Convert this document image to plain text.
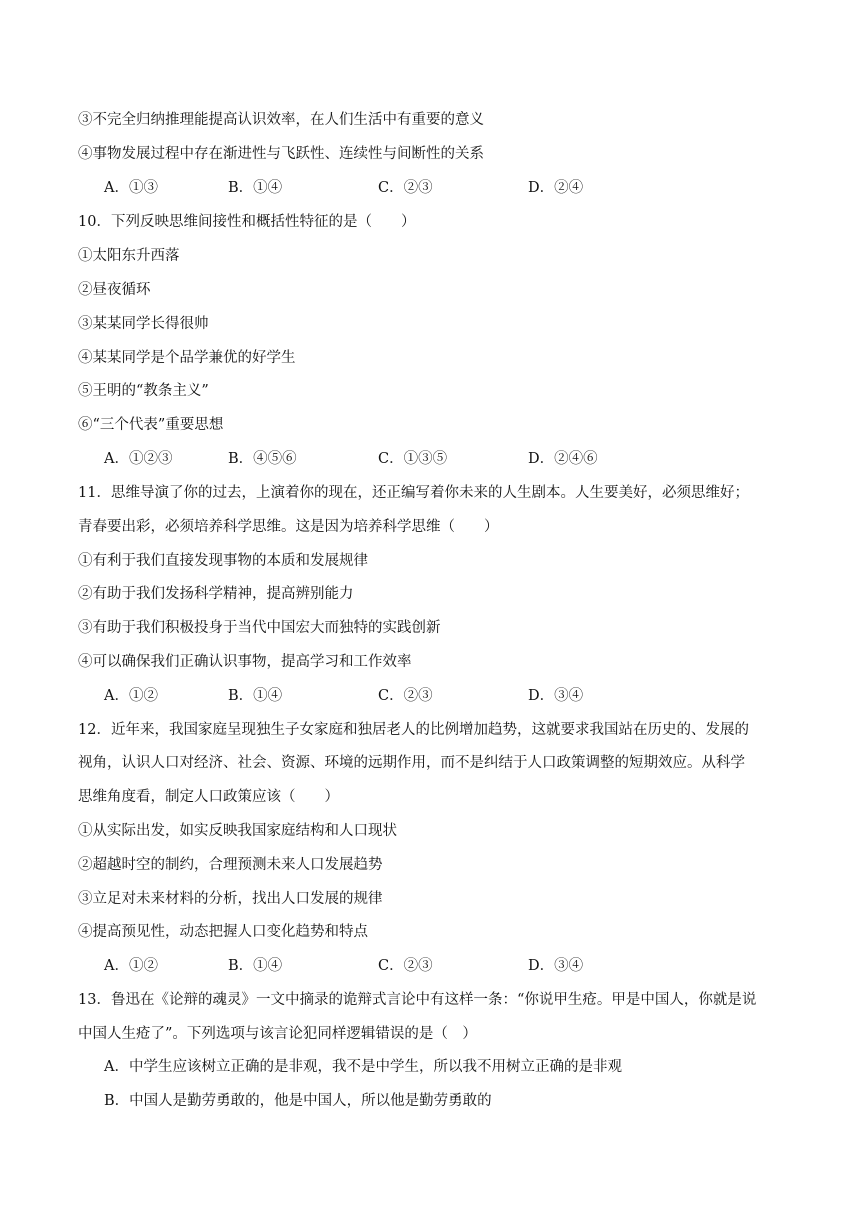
③不完全归纳推理能提高认识效率，在人们生活中有重要的意义
④事物发展过程中存在渐进性与飞跃性、连续性与间断性的关系
A．①③	B．①④	C．②③	D．②④
10．下列反映思维间接性和概括性特征的是（　　）
①太阳东升西落
②昼夜循环
③某某同学长得很帅
④某某同学是个品学兼优的好学生
⑤王明的“教条主义”
⑥“三个代表”重要思想
A．①②③	B．④⑤⑥	C．①③⑤	D．②④⑥
11．思维导演了你的过去，上演着你的现在，还正编写着你未来的人生剧本。人生要美好，必须思维好；
青春要出彩，必须培养科学思维。这是因为培养科学思维（　　）
①有利于我们直接发现事物的本质和发展规律
②有助于我们发扬科学精神，提高辨别能力
③有助于我们积极投身于当代中国宏大而独特的实践创新
④可以确保我们正确认识事物，提高学习和工作效率
A．①②	B．①④	C．②③	D．③④
12．近年来，我国家庭呈现独生子女家庭和独居老人的比例增加趋势，这就要求我国站在历史的、发展的
视角，认识人口对经济、社会、资源、环境的远期作用，而不是纠结于人口政策调整的短期效应。从科学
思维角度看，制定人口政策应该（　　）
①从实际出发，如实反映我国家庭结构和人口现状
②超越时空的制约，合理预测未来人口发展趋势
③立足对未来材料的分析，找出人口发展的规律
④提高预见性，动态把握人口变化趋势和特点
A．①②	B．①④	C．②③	D．③④
13．鲁迅在《论辩的魂灵》一文中摘录的诡辩式言论中有这样一条：“你说甲生疮。甲是中国人，你就是说
中国人生疮了”。下列选项与该言论犯同样逻辑错误的是（　）
A．中学生应该树立正确的是非观，我不是中学生，所以我不用树立正确的是非观
B．中国人是勤劳勇敢的，他是中国人，所以他是勤劳勇敢的
